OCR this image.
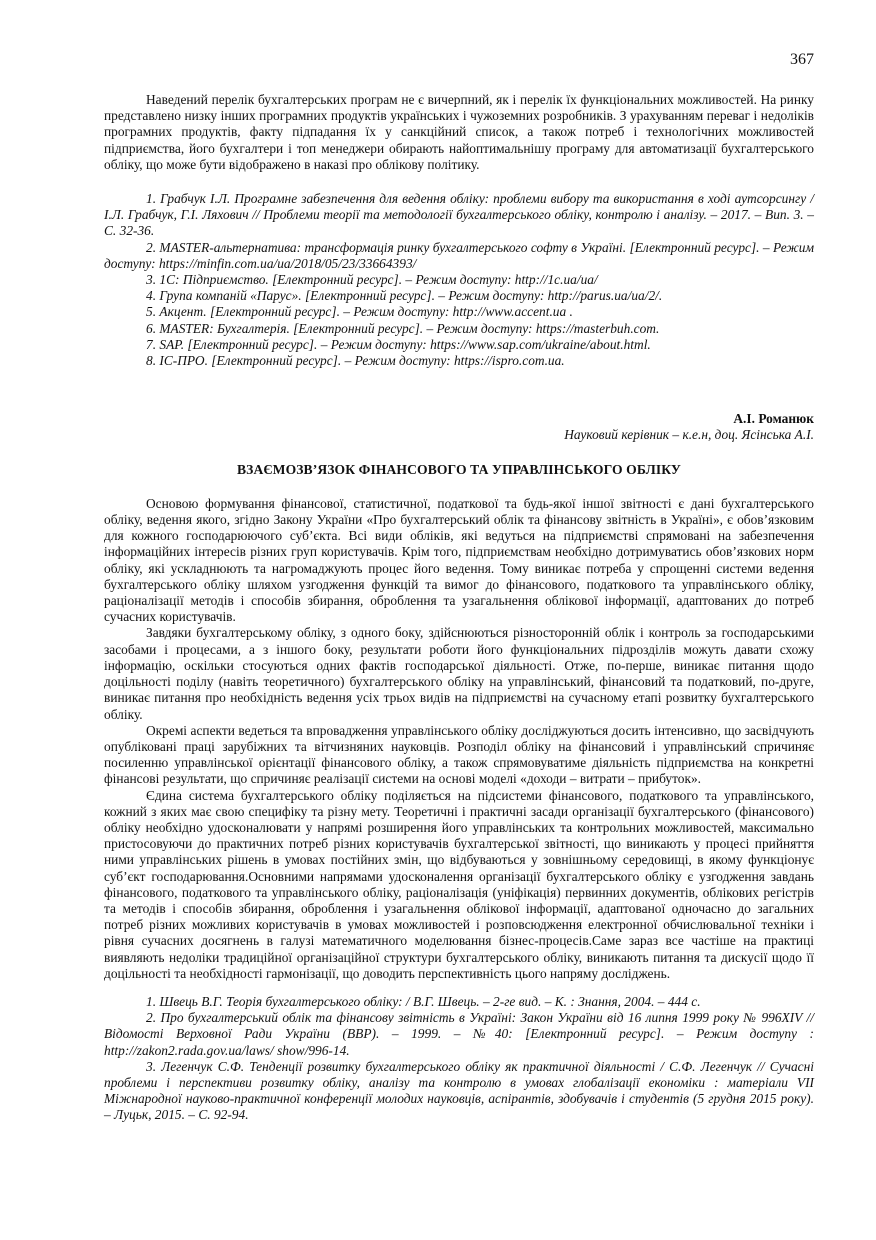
367

Наведений перелік бухгалтерських програм не є вичерпний, як і перелік їх функціональних можливостей. На ринку представлено низку інших програмних продуктів українських і чужоземних розробників. З урахуванням переваг і недоліків програмних продуктів, факту підпадання їх у санкційний список, а також потреб і технологічних можливостей підприємства, його бухгалтери і топ менеджери обирають найоптимальнішу програму для автоматизації бухгалтерського обліку, що може бути відображено в наказі про облікову політику.

1. Грабчук І.Л. Програмне забезпечення для ведення обліку: проблеми вибору та використання в ході аутсорсингу / І.Л. Грабчук, Г.І. Ляхович // Проблеми теорії та методології бухгалтерського обліку, контролю і аналізу. – 2017. – Вип. 3. – С. 32-36.

2. MASTER-альтернатива: трансформація ринку бухгалтерського софту в Україні. [Електронний ресурс]. – Режим доступу: https://minfin.com.ua/ua/2018/05/23/33664393/

3. 1С: Підприємство. [Електронний ресурс]. – Режим доступу: http://1c.ua/ua/

4. Група компаній «Парус». [Електронний ресурс]. – Режим доступу: http://parus.ua/ua/2/.

5. Акцент. [Електронний ресурс]. – Режим доступу: http://www.accent.ua .

6. MASTER: Бухгалтерія. [Електронний ресурс]. – Режим доступу: https://masterbuh.com.

7. SAP. [Електронний ресурс]. – Режим доступу: https://www.sap.com/ukraine/about.html.

8. ІС-ПРО. [Електронний ресурс]. – Режим доступу: https://ispro.com.ua.

А.І. Романюк
Науковий керівник – к.е.н, доц. Ясінська А.І.
ВЗАЄМОЗВ’ЯЗОК ФІНАНСОВОГО ТА УПРАВЛІНСЬКОГО ОБЛІКУ

Основою формування фінансової, статистичної, податкової та будь-якої іншої звітності є дані бухгалтерського обліку, ведення якого, згідно Закону України «Про бухгалтерський облік та фінансову звітність в Україні», є обов’язковим для кожного господарюючого суб’єкта. Всі види обліків, які ведуться на підприємстві спрямовані на забезпечення інформаційних інтересів різних груп користувачів. Крім того, підприємствам необхідно дотримуватись обов’язкових норм обліку, які ускладнюють та нагромаджують процес його ведення. Тому виникає потреба у спрощенні системи ведення бухгалтерського обліку шляхом узгодження функцій та вимог до фінансового, податкового та управлінського обліку, раціоналізації методів і способів збирання, оброблення та узагальнення облікової інформації, адаптованих до потреб сучасних користувачів.

Завдяки бухгалтерському обліку, з одного боку, здійснюються різносторонній облік і контроль за господарськими засобами і процесами, а з іншого боку, результати роботи його функціональних підрозділів можуть давати схожу інформацію, оскільки стосуються одних фактів господарської діяльності. Отже, по-перше, виникає питання щодо доцільності поділу (навіть теоретичного) бухгалтерського обліку на управлінський, фінансовий та податковий, по-друге, виникає питання про необхідність ведення усіх трьох видів на підприємстві на сучасному етапі розвитку бухгалтерського обліку.

Окремі аспекти ведеться та впровадження управлінського обліку досліджуються досить інтенсивно, що засвідчують опубліковані праці зарубіжних та вітчизняних науковців. Розподіл обліку на фінансовий і управлінський спричиняє посиленню управлінської орієнтації фінансового обліку, а також спрямовуватиме діяльність підприємства на конкретні фінансові результати, що спричиняє реалізації системи на основі моделі «доходи – витрати – прибуток».

Єдина система бухгалтерського обліку поділяється на підсистеми фінансового, податкового та управлінського, кожний з яких має свою специфіку та різну мету. Теоретичні і практичні засади організації бухгалтерського (фінансового) обліку необхідно удосконалювати у напрямі розширення його управлінських та контрольних можливостей, максимально пристосовуючи до практичних потреб різних користувачів бухгалтерської звітності, що виникають у процесі прийняття ними управлінських рішень в умовах постійних змін, що відбуваються у зовнішньому середовищі, в якому функціонує суб’єкт господарювання.Основними напрямами удосконалення організації бухгалтерського обліку є узгодження завдань фінансового, податкового та управлінського обліку, раціоналізація (уніфікація) первинних документів, облікових регістрів та методів і способів збирання, оброблення і узагальнення облікової інформації, адаптованої одночасно до загальних потреб різних можливих користувачів в умовах можливостей і розповсюдження електронної обчислювальної техніки і рівня сучасних досягнень в галузі математичного моделювання бізнес-процесів.Саме зараз все частіше на практиці виявляють недоліки традиційної організаційної структури бухгалтерського обліку, виникають питання та дискусії щодо її доцільності та необхідності гармонізації, що доводить перспективність цього напряму досліджень.

1. Швець В.Г. Теорія бухгалтерського обліку: / В.Г. Швець. – 2-ге вид. – К. : Знання, 2004. – 444 с.

2. Про бухгалтерський облік та фінансову звітність в Україні: Закон України від 16 липня 1999 року № 996XIV // Відомості Верховної Ради України (ВВР). – 1999. – №40: [Електронний ресурс]. – Режим доступу : http://zakon2.rada.gov.ua/laws/ show/996-14.

3. Легенчук С.Ф. Тенденції розвитку бухгалтерського обліку як практичної діяльності / С.Ф. Легенчук // Сучасні проблеми і перспективи розвитку обліку, аналізу та контролю в умовах глобалізації економіки : матеріали VII Міжнародної науково-практичної конференції молодих науковців, аспірантів, здобувачів і студентів (5 грудня 2015 року). – Луцьк, 2015. – С. 92-94.
